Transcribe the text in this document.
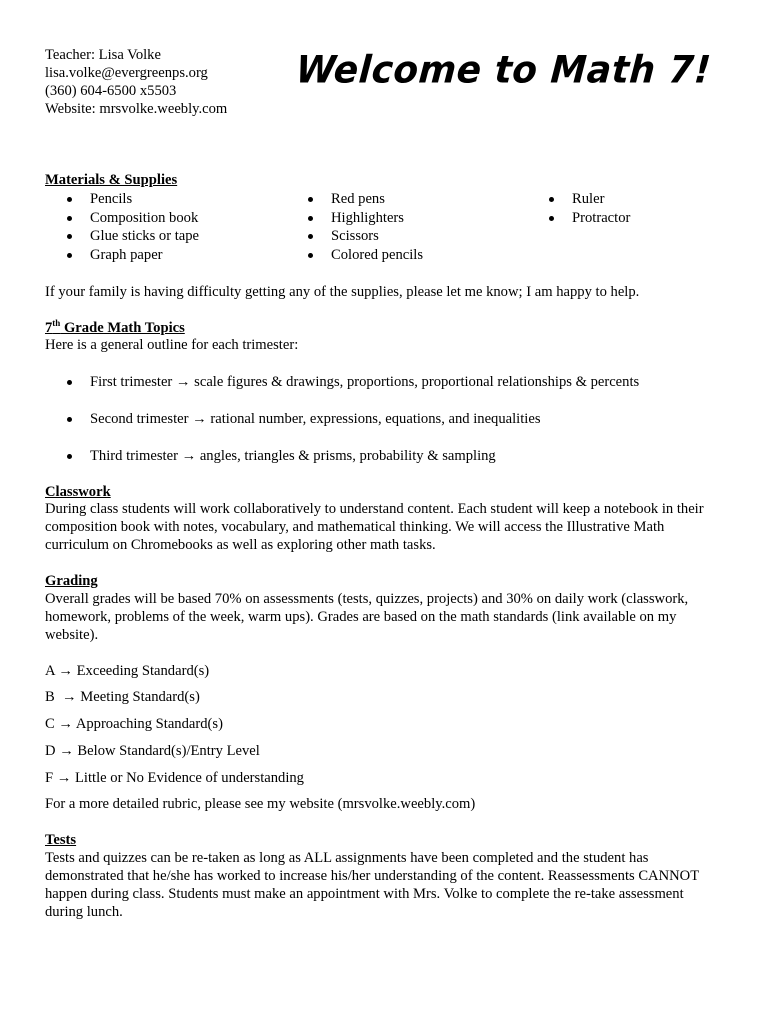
Teacher: Lisa Volke
lisa.volke@evergreenps.org
(360) 604-6500 x5503
Website: mrsvolke.weebly.com
Welcome to Math 7!
Materials & Supplies
Pencils
Composition book
Glue sticks or tape
Graph paper
Red pens
Highlighters
Scissors
Colored pencils
Ruler
Protractor
If your family is having difficulty getting any of the supplies, please let me know; I am happy to help.
7th Grade Math Topics
Here is a general outline for each trimester:
First trimester → scale figures & drawings, proportions, proportional relationships & percents
Second trimester → rational number, expressions, equations, and inequalities
Third trimester → angles, triangles & prisms, probability & sampling
Classwork
During class students will work collaboratively to understand content. Each student will keep a notebook in their composition book with notes, vocabulary, and mathematical thinking. We will access the Illustrative Math curriculum on Chromebooks as well as exploring other math tasks.
Grading
Overall grades will be based 70% on assessments (tests, quizzes, projects) and 30% on daily work (classwork, homework, problems of the week, warm ups). Grades are based on the math standards (link available on my website).
A → Exceeding Standard(s)
B  → Meeting Standard(s)
C → Approaching Standard(s)
D → Below Standard(s)/Entry Level
F → Little or No Evidence of understanding
For a more detailed rubric, please see my website (mrsvolke.weebly.com)
Tests
Tests and quizzes can be re-taken as long as ALL assignments have been completed and the student has demonstrated that he/she has worked to increase his/her understanding of the content. Reassessments CANNOT happen during class. Students must make an appointment with Mrs. Volke to complete the re-take assessment during lunch.
